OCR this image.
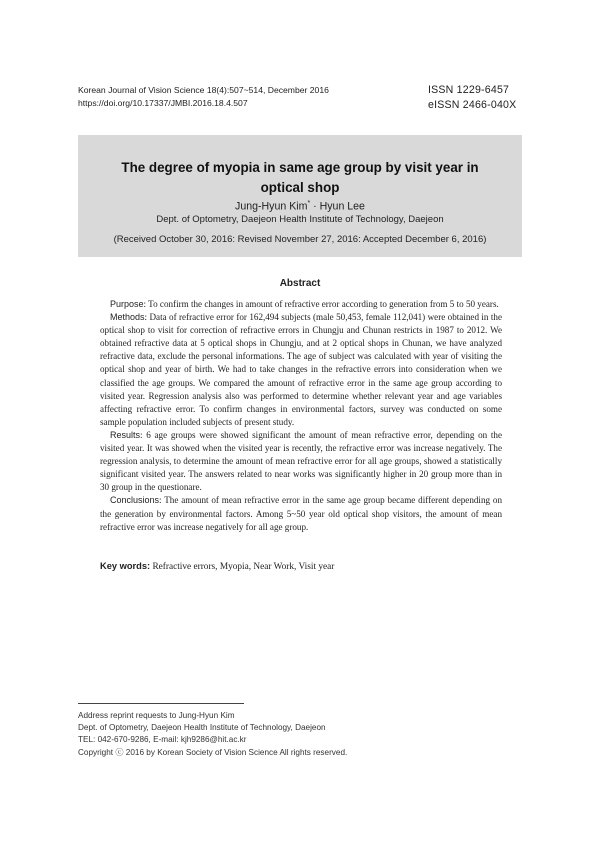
Korean Journal of Vision Science 18(4):507~514, December 2016
https://doi.org/10.17337/JMBI.2016.18.4.507
ISSN 1229-6457
eISSN 2466-040X
The degree of myopia in same age group by visit year in
optical shop
Jung-Hyun Kim* · Hyun Lee
Dept. of Optometry, Daejeon Health Institute of Technology, Daejeon
(Received October 30, 2016: Revised November 27, 2016: Accepted December 6, 2016)
Abstract

Purpose: To confirm the changes in amount of refractive error according to generation from 5 to 50 years.

Methods: Data of refractive error for 162,494 subjects (male 50,453, female 112,041) were obtained in the optical shop to visit for correction of refractive errors in Chungju and Chunan restricts in 1987 to 2012. We obtained refractive data at 5 optical shops in Chungju, and at 2 optical shops in Chunan, we have analyzed refractive data, exclude the personal informations. The age of subject was calculated with year of visiting the optical shop and year of birth. We had to take changes in the refractive errors into consideration when we classified the age groups. We compared the amount of refractive error in the same age group according to visited year. Regression analysis also was performed to determine whether relevant year and age variables affecting refractive error. To confirm changes in environmental factors, survey was conducted on some sample population included subjects of present study.

Results: 6 age groups were showed significant the amount of mean refractive error, depending on the visited year. It was showed when the visited year is recently, the refractive error was increase negatively. The regression analysis, to determine the amount of mean refractive error for all age groups, showed a statistically significant visited year. The answers related to near works was significantly higher in 20 group more than in 30 group in the questionare.

Conclusions: The amount of mean refractive error in the same age group became different depending on the generation by environmental factors. Among 5~50 year old optical shop visitors, the amount of mean refractive error was increase negatively for all age group.

Key words: Refractive errors, Myopia, Near Work, Visit year
Address reprint requests to Jung-Hyun Kim
Dept. of Optometry, Daejeon Health Institute of Technology, Daejeon
TEL: 042-670-9286, E-mail: kjh9286@hit.ac.kr
Copyright ⓒ 2016 by Korean Society of Vision Science All rights reserved.
